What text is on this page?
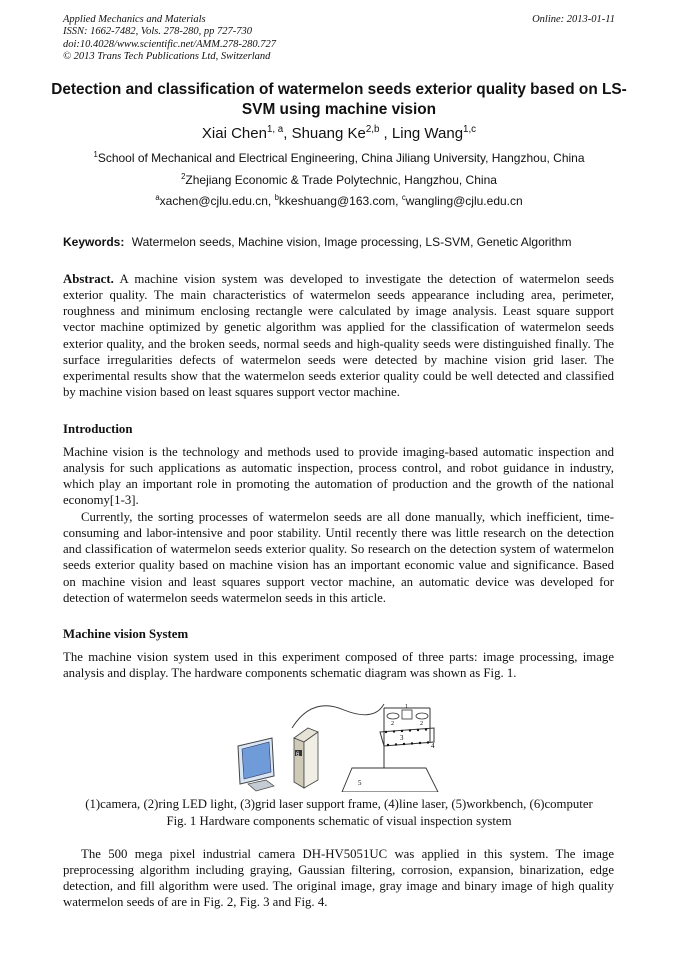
Applied Mechanics and Materials
ISSN: 1662-7482, Vols. 278-280, pp 727-730
doi:10.4028/www.scientific.net/AMM.278-280.727
© 2013 Trans Tech Publications Ltd, Switzerland
Online: 2013-01-11
Detection and classification of watermelon seeds exterior quality based on LS-SVM using machine vision
Xiai Chen$^{1, a}$, Shuang Ke$^{2,b}$ , Ling Wang$^{1,c}$
$^1$School of Mechanical and Electrical Engineering, China Jiliang University, Hangzhou, China
$^2$Zhejiang Economic & Trade Polytechnic, Hangzhou, China
$^a$xachen@cjlu.edu.cn, $^b$kkeshuang@163.com, $^c$wangling@cjlu.edu.cn
Keywords: Watermelon seeds, Machine vision, Image processing, LS-SVM, Genetic Algorithm
Abstract. A machine vision system was developed to investigate the detection of watermelon seeds exterior quality. The main characteristics of watermelon seeds appearance including area, perimeter, roughness and minimum enclosing rectangle were calculated by image analysis. Least square support vector machine optimized by genetic algorithm was applied for the classification of watermelon seeds exterior quality, and the broken seeds, normal seeds and high-quality seeds were distinguished finally. The surface irregularities defects of watermelon seeds were detected by machine vision grid laser. The experimental results show that the watermelon seeds exterior quality could be well detected and classified by machine vision based on least squares support vector machine.
Introduction
Machine vision is the technology and methods used to provide imaging-based automatic inspection and analysis for such applications as automatic inspection, process control, and robot guidance in industry, which play an important role in promoting the automation of production and the growth of the national economy[1-3].
Currently, the sorting processes of watermelon seeds are all done manually, which inefficient, time-consuming and labor-intensive and poor stability. Until recently there was little research on the detection and classification of watermelon seeds exterior quality. So research on the detection system of watermelon seeds exterior quality based on machine vision has an important economic value and significance. Based on machine vision and least squares support vector machine, an automatic device was developed for detection of watermelon seeds watermelon seeds in this article.
Machine vision System
The machine vision system used in this experiment composed of three parts: image processing, image analysis and display. The hardware components schematic diagram was shown as Fig. 1.
6
5
1
2	2
3
4
(1)camera, (2)ring LED light, (3)grid laser support frame, (4)line laser, (5)workbench, (6)computer
Fig. 1 Hardware components schematic of visual inspection system
The 500 mega pixel industrial camera DH-HV5051UC was applied in this system. The image preprocessing algorithm including graying, Gaussian filtering, corrosion, expansion, binarization, edge detection, and fill algorithm were used. The original image, gray image and binary image of high quality watermelon seeds of are in Fig. 2, Fig. 3 and Fig. 4.
